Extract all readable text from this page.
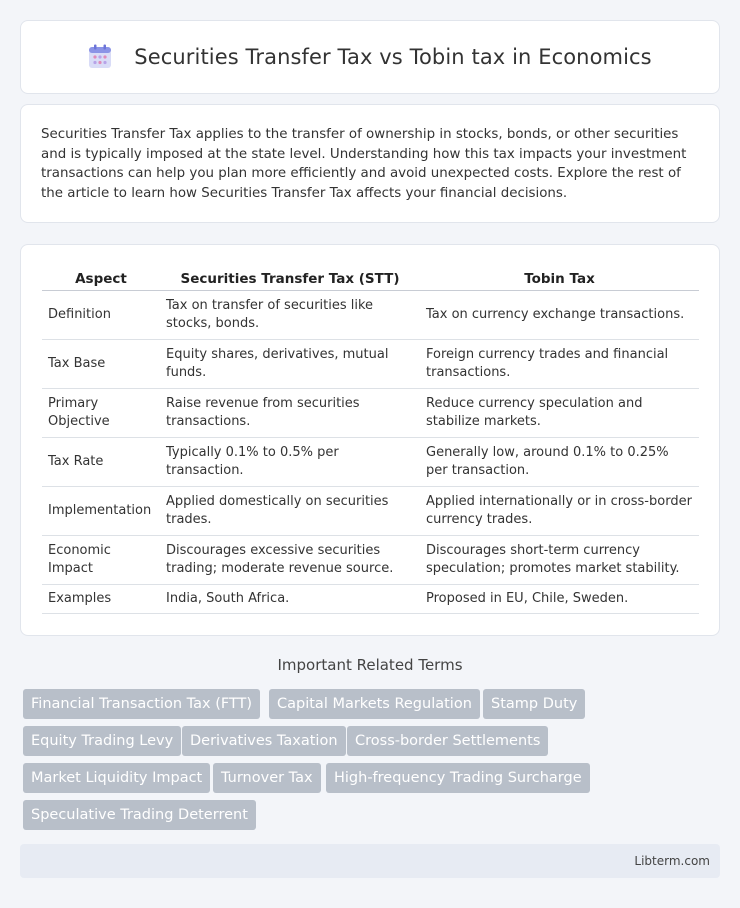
Securities Transfer Tax vs Tobin tax in Economics

Securities Transfer Tax applies to the transfer of ownership in stocks, bonds, or other securities and is typically imposed at the state level. Understanding how this tax impacts your investment transactions can help you plan more efficiently and avoid unexpected costs. Explore the rest of the article to learn how Securities Transfer Tax affects your financial decisions.

Aspect	Securities Transfer Tax (STT)	Tobin Tax
Definition	Tax on transfer of securities like stocks, bonds.	Tax on currency exchange transactions.
Tax Base	Equity shares, derivatives, mutual funds.	Foreign currency trades and financial transactions.
Primary Objective	Raise revenue from securities transactions.	Reduce currency speculation and stabilize markets.
Tax Rate	Typically 0.1% to 0.5% per transaction.	Generally low, around 0.1% to 0.25% per transaction.
Implementation	Applied domestically on securities trades.	Applied internationally or in cross-border currency trades.
Economic Impact	Discourages excessive securities trading; moderate revenue source.	Discourages short-term currency speculation; promotes market stability.
Examples	India, South Africa.	Proposed in EU, Chile, Sweden.
Important Related Terms
Financial Transaction Tax (FTT)	Capital Markets Regulation	Stamp Duty
Equity Trading Levy	Derivatives Taxation	Cross-border Settlements
Market Liquidity Impact	Turnover Tax	High-frequency Trading Surcharge
Speculative Trading Deterrent
Libterm.com
